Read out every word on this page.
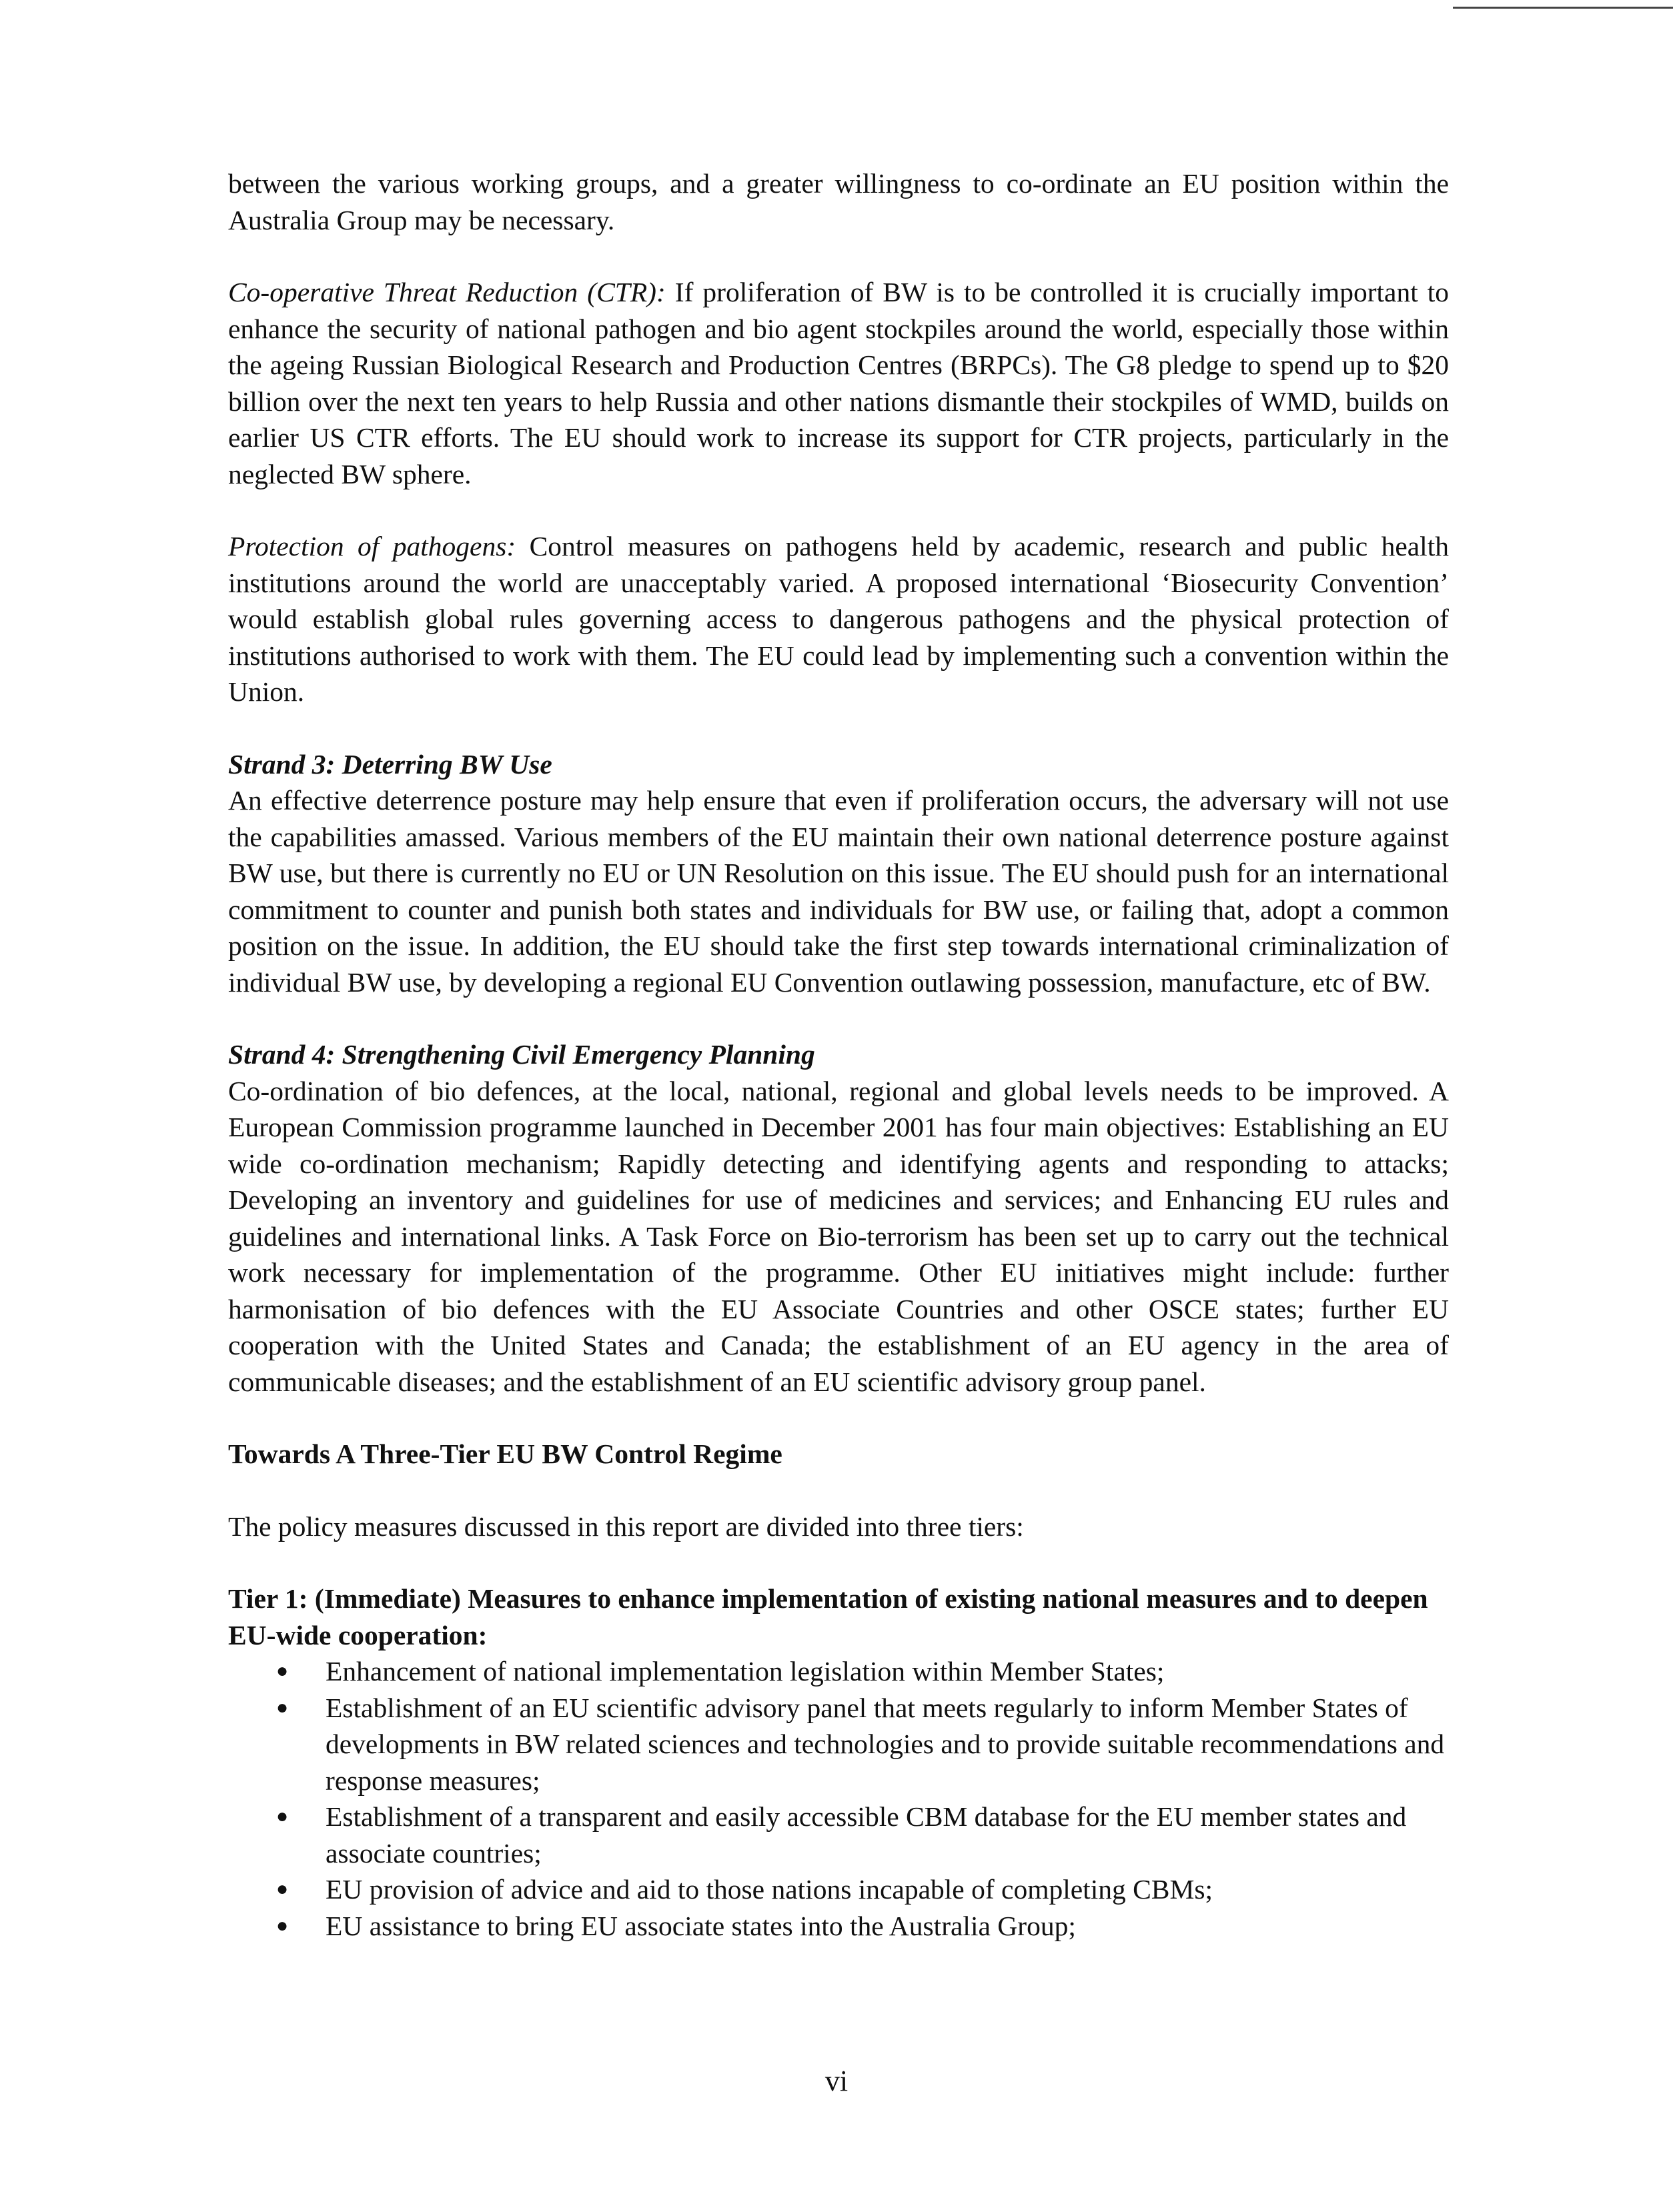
between the various working groups, and a greater willingness to co-ordinate an EU position within the Australia Group may be necessary.

Co-operative Threat Reduction (CTR): If proliferation of BW is to be controlled it is crucially important to enhance the security of national pathogen and bio agent stockpiles around the world, especially those within the ageing Russian Biological Research and Production Centres (BRPCs). The G8 pledge to spend up to $20 billion over the next ten years to help Russia and other nations dismantle their stockpiles of WMD, builds on earlier US CTR efforts. The EU should work to increase its support for CTR projects, particularly in the neglected BW sphere.

Protection of pathogens: Control measures on pathogens held by academic, research and public health institutions around the world are unacceptably varied. A proposed international ‘Biosecurity Convention’ would establish global rules governing access to dangerous pathogens and the physical protection of institutions authorised to work with them. The EU could lead by implementing such a convention within the Union.

Strand 3: Deterring BW Use
An effective deterrence posture may help ensure that even if proliferation occurs, the adversary will not use the capabilities amassed. Various members of the EU maintain their own national deterrence posture against BW use, but there is currently no EU or UN Resolution on this issue. The EU should push for an international commitment to counter and punish both states and individuals for BW use, or failing that, adopt a common position on the issue. In addition, the EU should take the first step towards international criminalization of individual BW use, by developing a regional EU Convention outlawing possession, manufacture, etc of BW.

Strand 4: Strengthening Civil Emergency Planning
Co-ordination of bio defences, at the local, national, regional and global levels needs to be improved. A European Commission programme launched in December 2001 has four main objectives: Establishing an EU wide co-ordination mechanism; Rapidly detecting and identifying agents and responding to attacks; Developing an inventory and guidelines for use of medicines and services; and Enhancing EU rules and guidelines and international links. A Task Force on Bio-terrorism has been set up to carry out the technical work necessary for implementation of the programme. Other EU initiatives might include: further harmonisation of bio defences with the EU Associate Countries and other OSCE states; further EU cooperation with the United States and Canada; the establishment of an EU agency in the area of communicable diseases; and the establishment of an EU scientific advisory group panel.

Towards A Three-Tier EU BW Control Regime

The policy measures discussed in this report are divided into three tiers:

Tier 1: (Immediate) Measures to enhance implementation of existing national measures and to deepen EU-wide cooperation:

● Enhancement of national implementation legislation within Member States;
● Establishment of an EU scientific advisory panel that meets regularly to inform Member States of developments in BW related sciences and technologies and to provide suitable recommendations and response measures;
● Establishment of a transparent and easily accessible CBM database for the EU member states and associate countries;
● EU provision of advice and aid to those nations incapable of completing CBMs;
● EU assistance to bring EU associate states into the Australia Group;
vi
